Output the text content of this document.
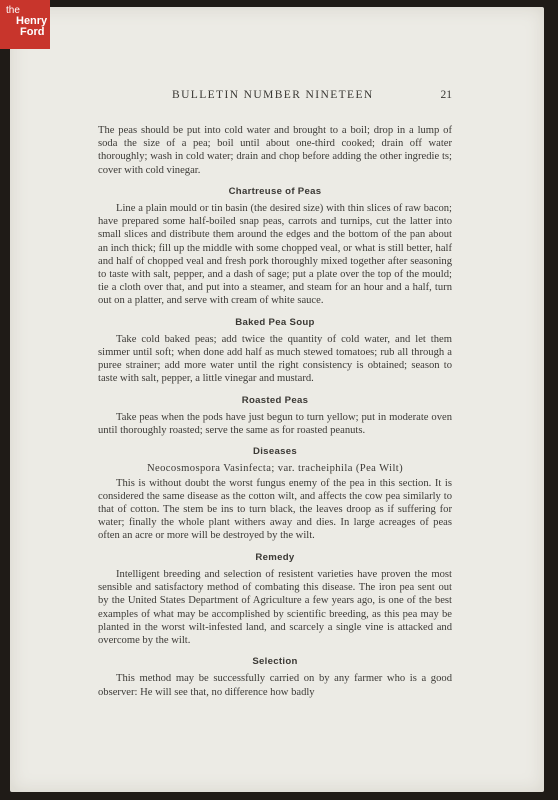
the
Henry
Ford
BULLETIN NUMBER NINETEEN	21

The peas should be put into cold water and brought to a boil; drop in a lump of soda the size of a pea; boil until about one-third cooked; drain off water thoroughly; wash in cold water; drain and chop before adding the other ingredie ts; cover with cold vinegar.

Chartreuse of Peas

Line a plain mould or tin basin (the desired size) with thin slices of raw bacon; have prepared some half-boiled snap peas, carrots and turnips, cut the latter into small slices and distribute them around the edges and the bottom of the pan about an inch thick; fill up the middle with some chopped veal, or what is still better, half and half of chopped veal and fresh pork thoroughly mixed together after seasoning to taste with salt, pepper, and a dash of sage; put a plate over the top of the mould; tie a cloth over that, and put into a steamer, and steam for an hour and a half, turn out on a platter, and serve with cream of white sauce.

Baked Pea Soup

Take cold baked peas; add twice the quantity of cold water, and let them simmer until soft; when done add half as much stewed tomatoes; rub all through a puree strainer; add more water until the right consistency is obtained; season to taste with salt, pepper, a little vinegar and mustard.

Roasted Peas

Take peas when the pods have just begun to turn yellow; put in moderate oven until thoroughly roasted; serve the same as for roasted peanuts.

Diseases
Neocosmospora Vasinfecta; var. tracheiphila (Pea Wilt)

This is without doubt the worst fungus enemy of the pea in this section. It is considered the same disease as the cotton wilt, and affects the cow pea similarly to that of cotton. The stem be ins to turn black, the leaves droop as if suffering for water; finally the whole plant withers away and dies. In large acreages of peas often an acre or more will be destroyed by the wilt.

Remedy

Intelligent breeding and selection of resistent varieties have proven the most sensible and satisfactory method of combating this disease. The iron pea sent out by the United States Department of Agriculture a few years ago, is one of the best examples of what may be accomplished by scientific breeding, as this pea may be planted in the worst wilt-infested land, and scarcely a single vine is attacked and overcome by the wilt.

Selection

This method may be successfully carried on by any farmer who is a good observer: He will see that, no difference how badly
